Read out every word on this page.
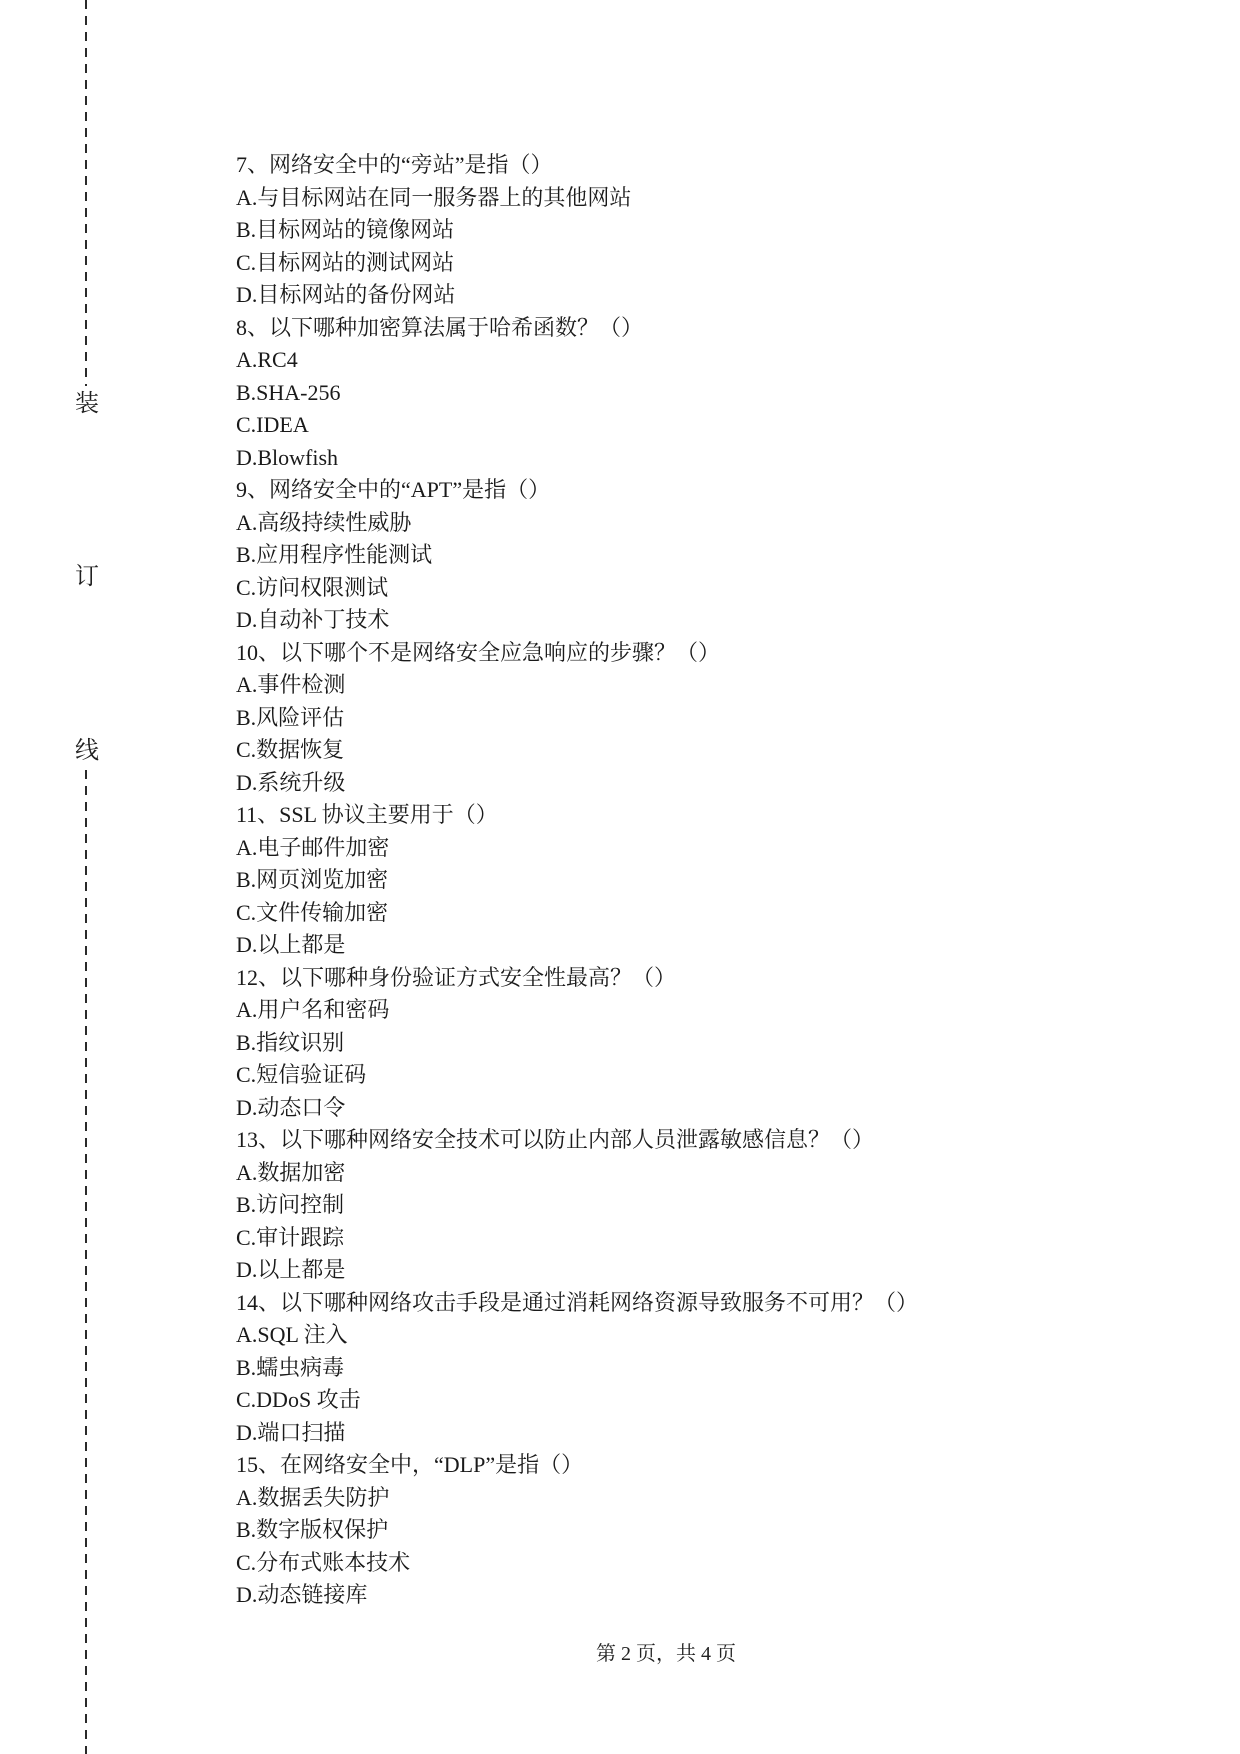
装
订
线
7、网络安全中的“旁站”是指（）
A.与目标网站在同一服务器上的其他网站
B.目标网站的镜像网站
C.目标网站的测试网站
D.目标网站的备份网站
8、以下哪种加密算法属于哈希函数？（）
A.RC4
B.SHA-256
C.IDEA
D.Blowfish
9、网络安全中的“APT”是指（）
A.高级持续性威胁
B.应用程序性能测试
C.访问权限测试
D.自动补丁技术
10、以下哪个不是网络安全应急响应的步骤？（）
A.事件检测
B.风险评估
C.数据恢复
D.系统升级
11、SSL 协议主要用于（）
A.电子邮件加密
B.网页浏览加密
C.文件传输加密
D.以上都是
12、以下哪种身份验证方式安全性最高？（）
A.用户名和密码
B.指纹识别
C.短信验证码
D.动态口令
13、以下哪种网络安全技术可以防止内部人员泄露敏感信息？（）
A.数据加密
B.访问控制
C.审计跟踪
D.以上都是
14、以下哪种网络攻击手段是通过消耗网络资源导致服务不可用？（）
A.SQL 注入
B.蠕虫病毒
C.DDoS 攻击
D.端口扫描
15、在网络安全中，“DLP”是指（）
A.数据丢失防护
B.数字版权保护
C.分布式账本技术
D.动态链接库
第 2 页，共 4 页
